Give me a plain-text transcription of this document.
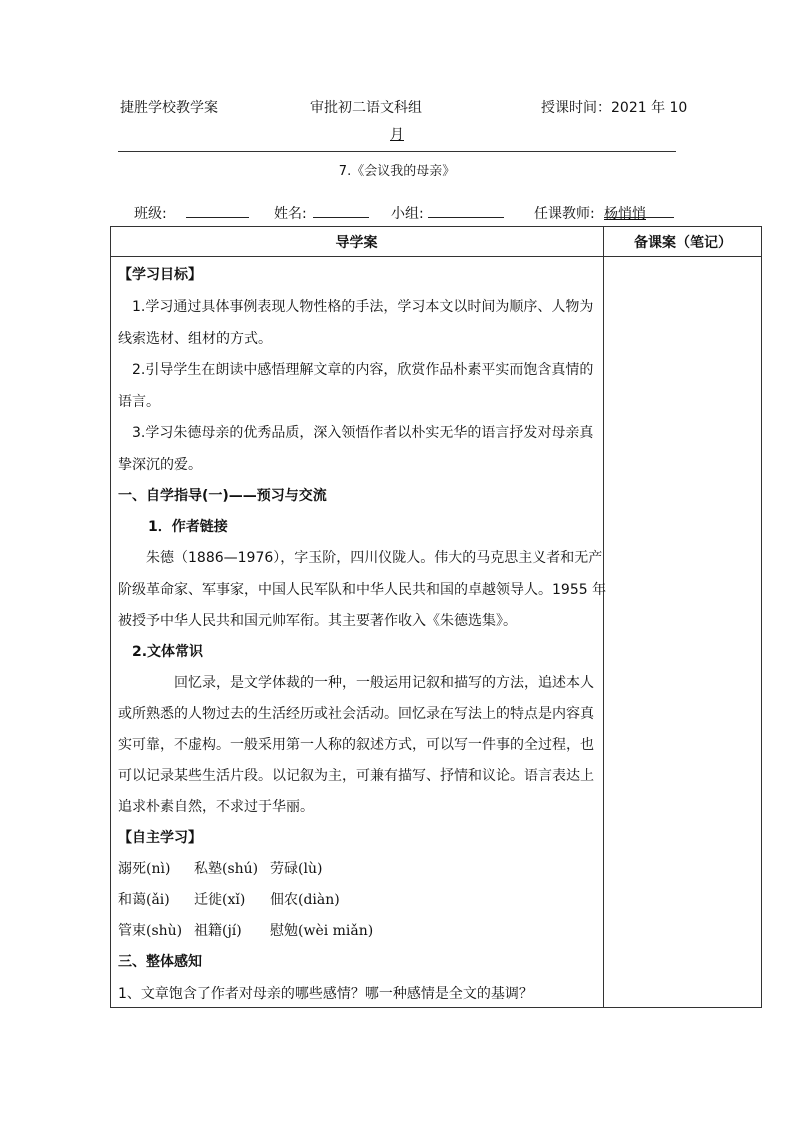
捷胜学校教学案	审批初二语文科组	授课时间：2021 年 10
月
7.《会议我的母亲》
班级:	姓名:	小组:	任课教师: 杨悄悄
导学案	备课案（笔记）
【学习目标】
1.学习通过具体事例表现人物性格的手法，学习本文以时间为顺序、人物为
线索选材、组材的方式。
2.引导学生在朗读中感悟理解文章的内容，欣赏作品朴素平实而饱含真情的
语言。
3.学习朱德母亲的优秀品质，深入领悟作者以朴实无华的语言抒发对母亲真
挚深沉的爱。
一、自学指导(一)——预习与交流
1．作者链接
朱德（1886—1976），字玉阶，四川仪陇人。伟大的马克思主义者和无产
阶级革命家、军事家，中国人民军队和中华人民共和国的卓越领导人。1955 年
被授予中华人民共和国元帅军衔。其主要著作收入《朱德选集》。
2.文体常识
回忆录，是文学体裁的一种，一般运用记叙和描写的方法，追述本人
或所熟悉的人物过去的生活经历或社会活动。回忆录在写法上的特点是内容真
实可靠，不虚构。一般采用第一人称的叙述方式，可以写一件事的全过程，也
可以记录某些生活片段。以记叙为主，可兼有描写、抒情和议论。语言表达上
追求朴素自然，不求过于华丽。
【自主学习】
溺死(nì) 私塾(shú) 劳碌(lù)
和蔼(ǎi) 迁徙(xǐ) 佃农(diàn)
管束(shù) 祖籍(jí) 慰勉(wèi miǎn)
三、整体感知
1、文章饱含了作者对母亲的哪些感情？哪一种感情是全文的基调？
